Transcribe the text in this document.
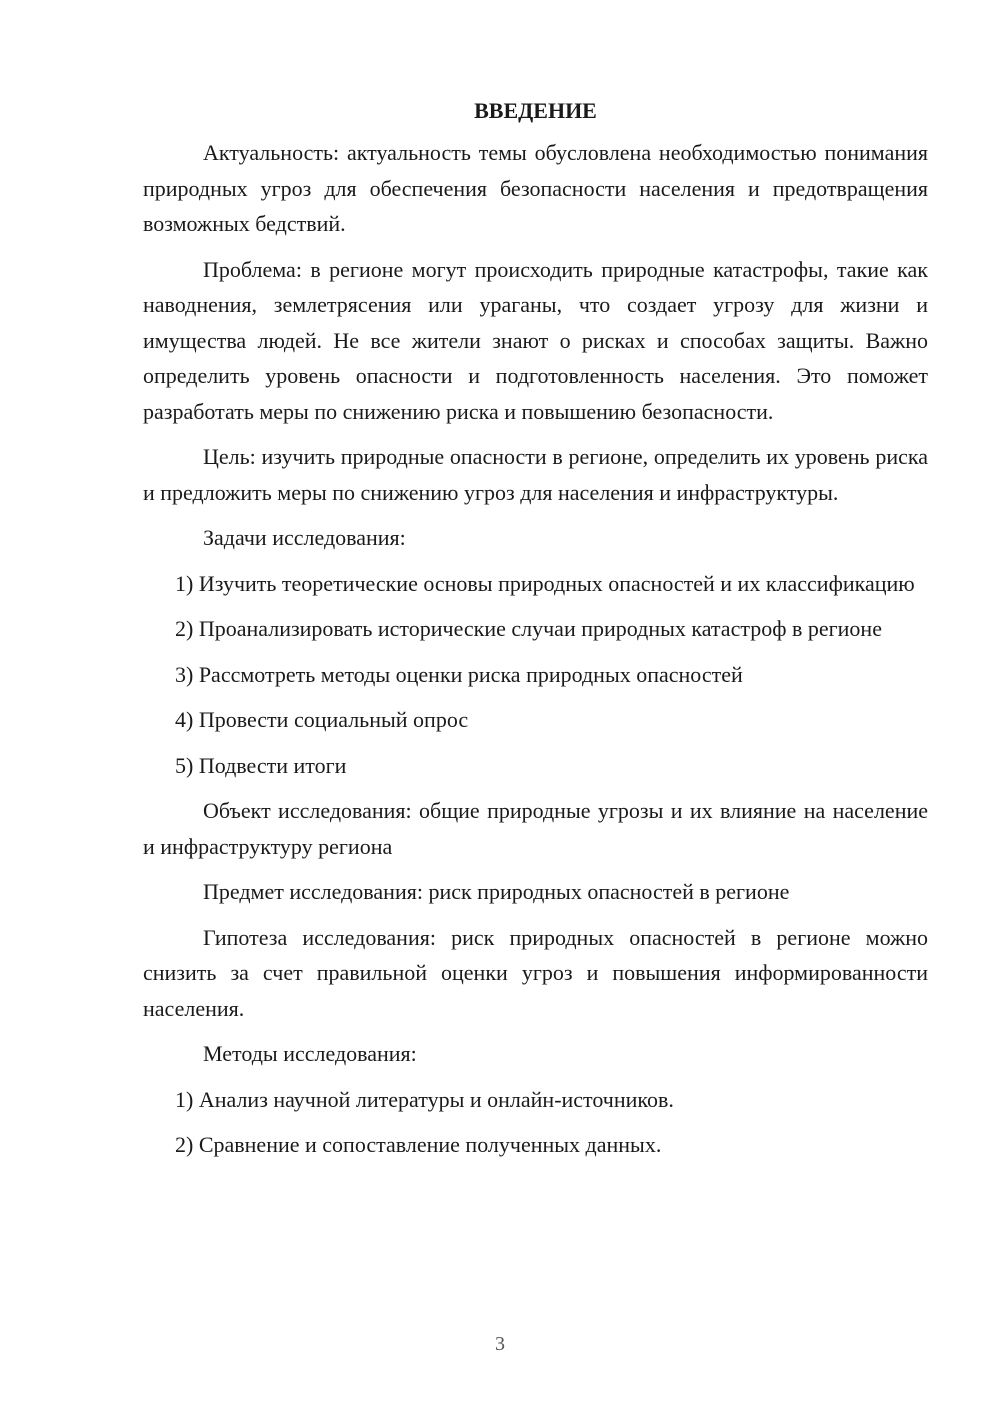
ВВЕДЕНИЕ

Актуальность: актуальность темы обусловлена необходимостью понимания природных угроз для обеспечения безопасности населения и предотвращения возможных бедствий.

Проблема: в регионе могут происходить природные катастрофы, такие как наводнения, землетрясения или ураганы, что создает угрозу для жизни и имущества людей. Не все жители знают о рисках и способах защиты. Важно определить уровень опасности и подготовленность населения. Это поможет разработать меры по снижению риска и повышению безопасности.

Цель: изучить природные опасности в регионе, определить их уровень риска и предложить меры по снижению угроз для населения и инфраструктуры.

Задачи исследования:

1) Изучить теоретические основы природных опасностей и их классификацию

2) Проанализировать исторические случаи природных катастроф в регионе

3) Рассмотреть методы оценки риска природных опасностей

4) Провести социальный опрос

5) Подвести итоги

Объект исследования: общие природные угрозы и их влияние на население и инфраструктуру региона

Предмет исследования: риск природных опасностей в регионе

Гипотеза исследования: риск природных опасностей в регионе можно снизить за счет правильной оценки угроз и повышения информированности населения.

Методы исследования:

1) Анализ научной литературы и онлайн-источников.

2) Сравнение и сопоставление полученных данных.

3
